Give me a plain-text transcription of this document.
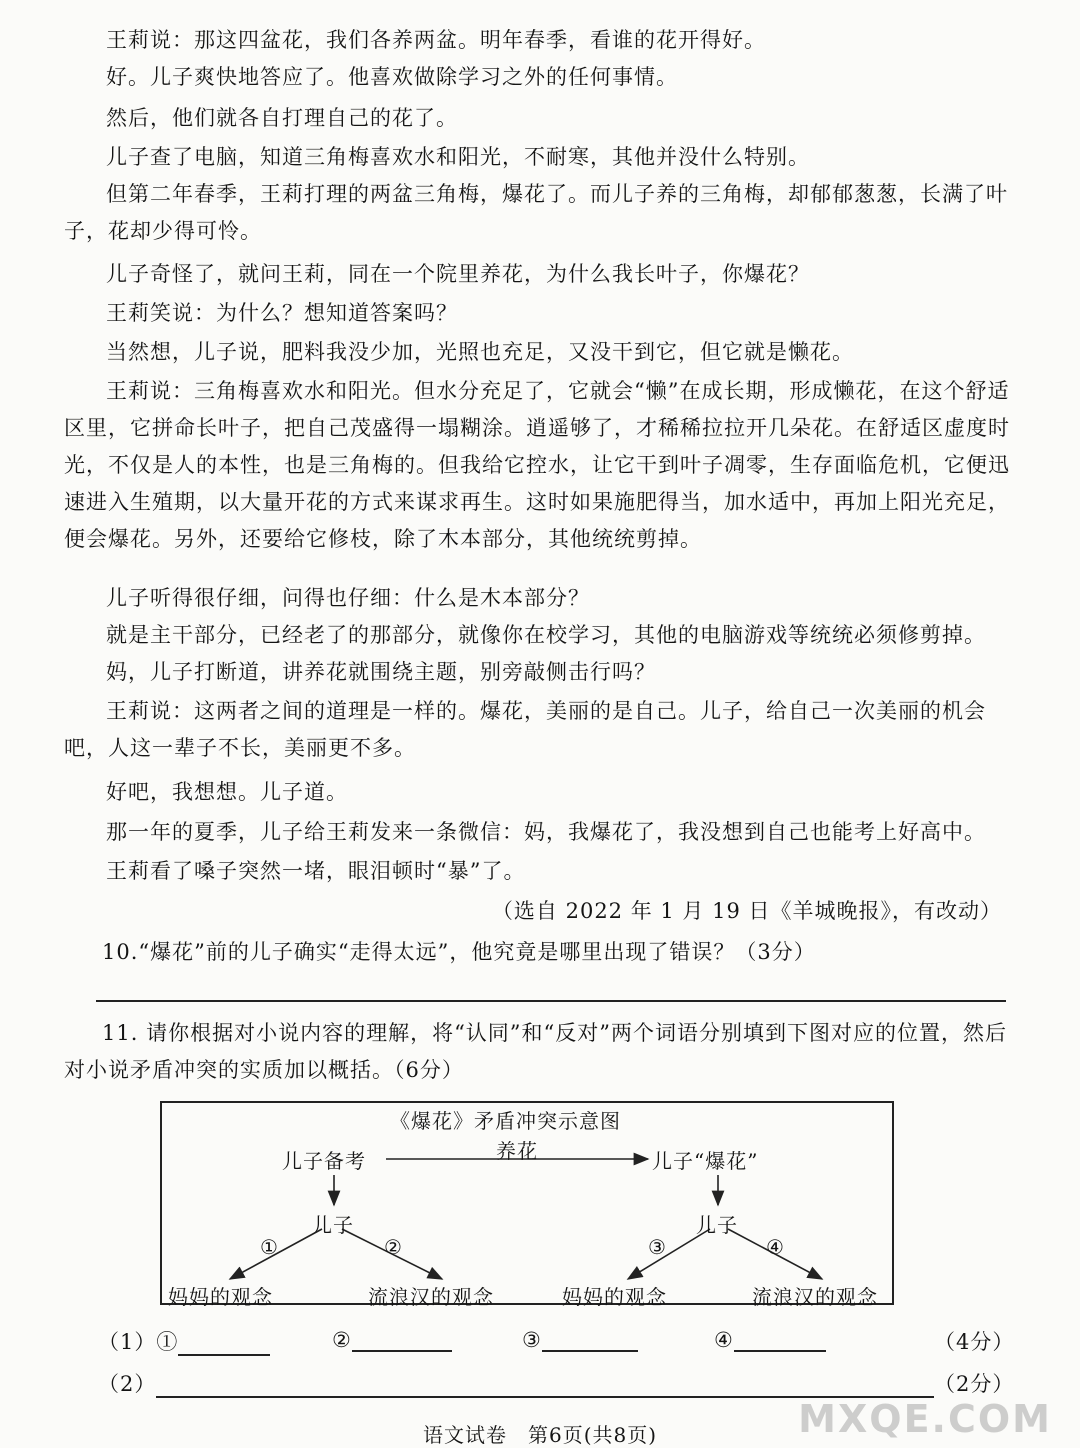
王莉说：那这四盆花，我们各养两盆。明年春季，看谁的花开得好。

好。儿子爽快地答应了。他喜欢做除学习之外的任何事情。

然后，他们就各自打理自己的花了。

儿子查了电脑，知道三角梅喜欢水和阳光，不耐寒，其他并没什么特别。

但第二年春季，王莉打理的两盆三角梅，爆花了。而儿子养的三角梅，却郁郁葱葱，长满了叶子，花却少得可怜。

儿子奇怪了，就问王莉，同在一个院里养花，为什么我长叶子，你爆花？

王莉笑说：为什么？想知道答案吗？

当然想，儿子说，肥料我没少加，光照也充足，又没干到它，但它就是懒花。

王莉说：三角梅喜欢水和阳光。但水分充足了，它就会“懒”在成长期，形成懒花，在这个舒适区里，它拼命长叶子，把自己茂盛得一塌糊涂。逍遥够了，才稀稀拉拉开几朵花。在舒适区虚度时光，不仅是人的本性，也是三角梅的。但我给它控水，让它干到叶子凋零，生存面临危机，它便迅速进入生殖期，以大量开花的方式来谋求再生。这时如果施肥得当，加水适中，再加上阳光充足，便会爆花。另外，还要给它修枝，除了木本部分，其他统统剪掉。

儿子听得很仔细，问得也仔细：什么是木本部分？

就是主干部分，已经老了的那部分，就像你在校学习，其他的电脑游戏等统统必须修剪掉。

妈，儿子打断道，讲养花就围绕主题，别旁敲侧击行吗？

王莉说：这两者之间的道理是一样的。爆花，美丽的是自己。儿子，给自己一次美丽的机会吧，人这一辈子不长，美丽更不多。

好吧，我想想。儿子道。

那一年的夏季，儿子给王莉发来一条微信：妈，我爆花了，我没想到自己也能考上好高中。

王莉看了嗓子突然一堵，眼泪顿时“暴”了。

（选自 2022 年 1 月 19 日《羊城晚报》，有改动）

10.“爆花”前的儿子确实“走得太远”，他究竟是哪里出现了错误？（3分）

11. 请你根据对小说内容的理解，将“认同”和“反对”两个词语分别填到下图对应的位置，然后对小说矛盾冲突的实质加以概括。（6分）

《爆花》矛盾冲突示意图
儿子备考	养花	儿子“爆花”
儿子	儿子
①	②	③	④
妈妈的观念	流浪汉的观念	妈妈的观念	流浪汉的观念
（1）①	②	③	④	（4分）
（2）	（2分）
语文试卷　第6页(共8页)	MXQE.COM
